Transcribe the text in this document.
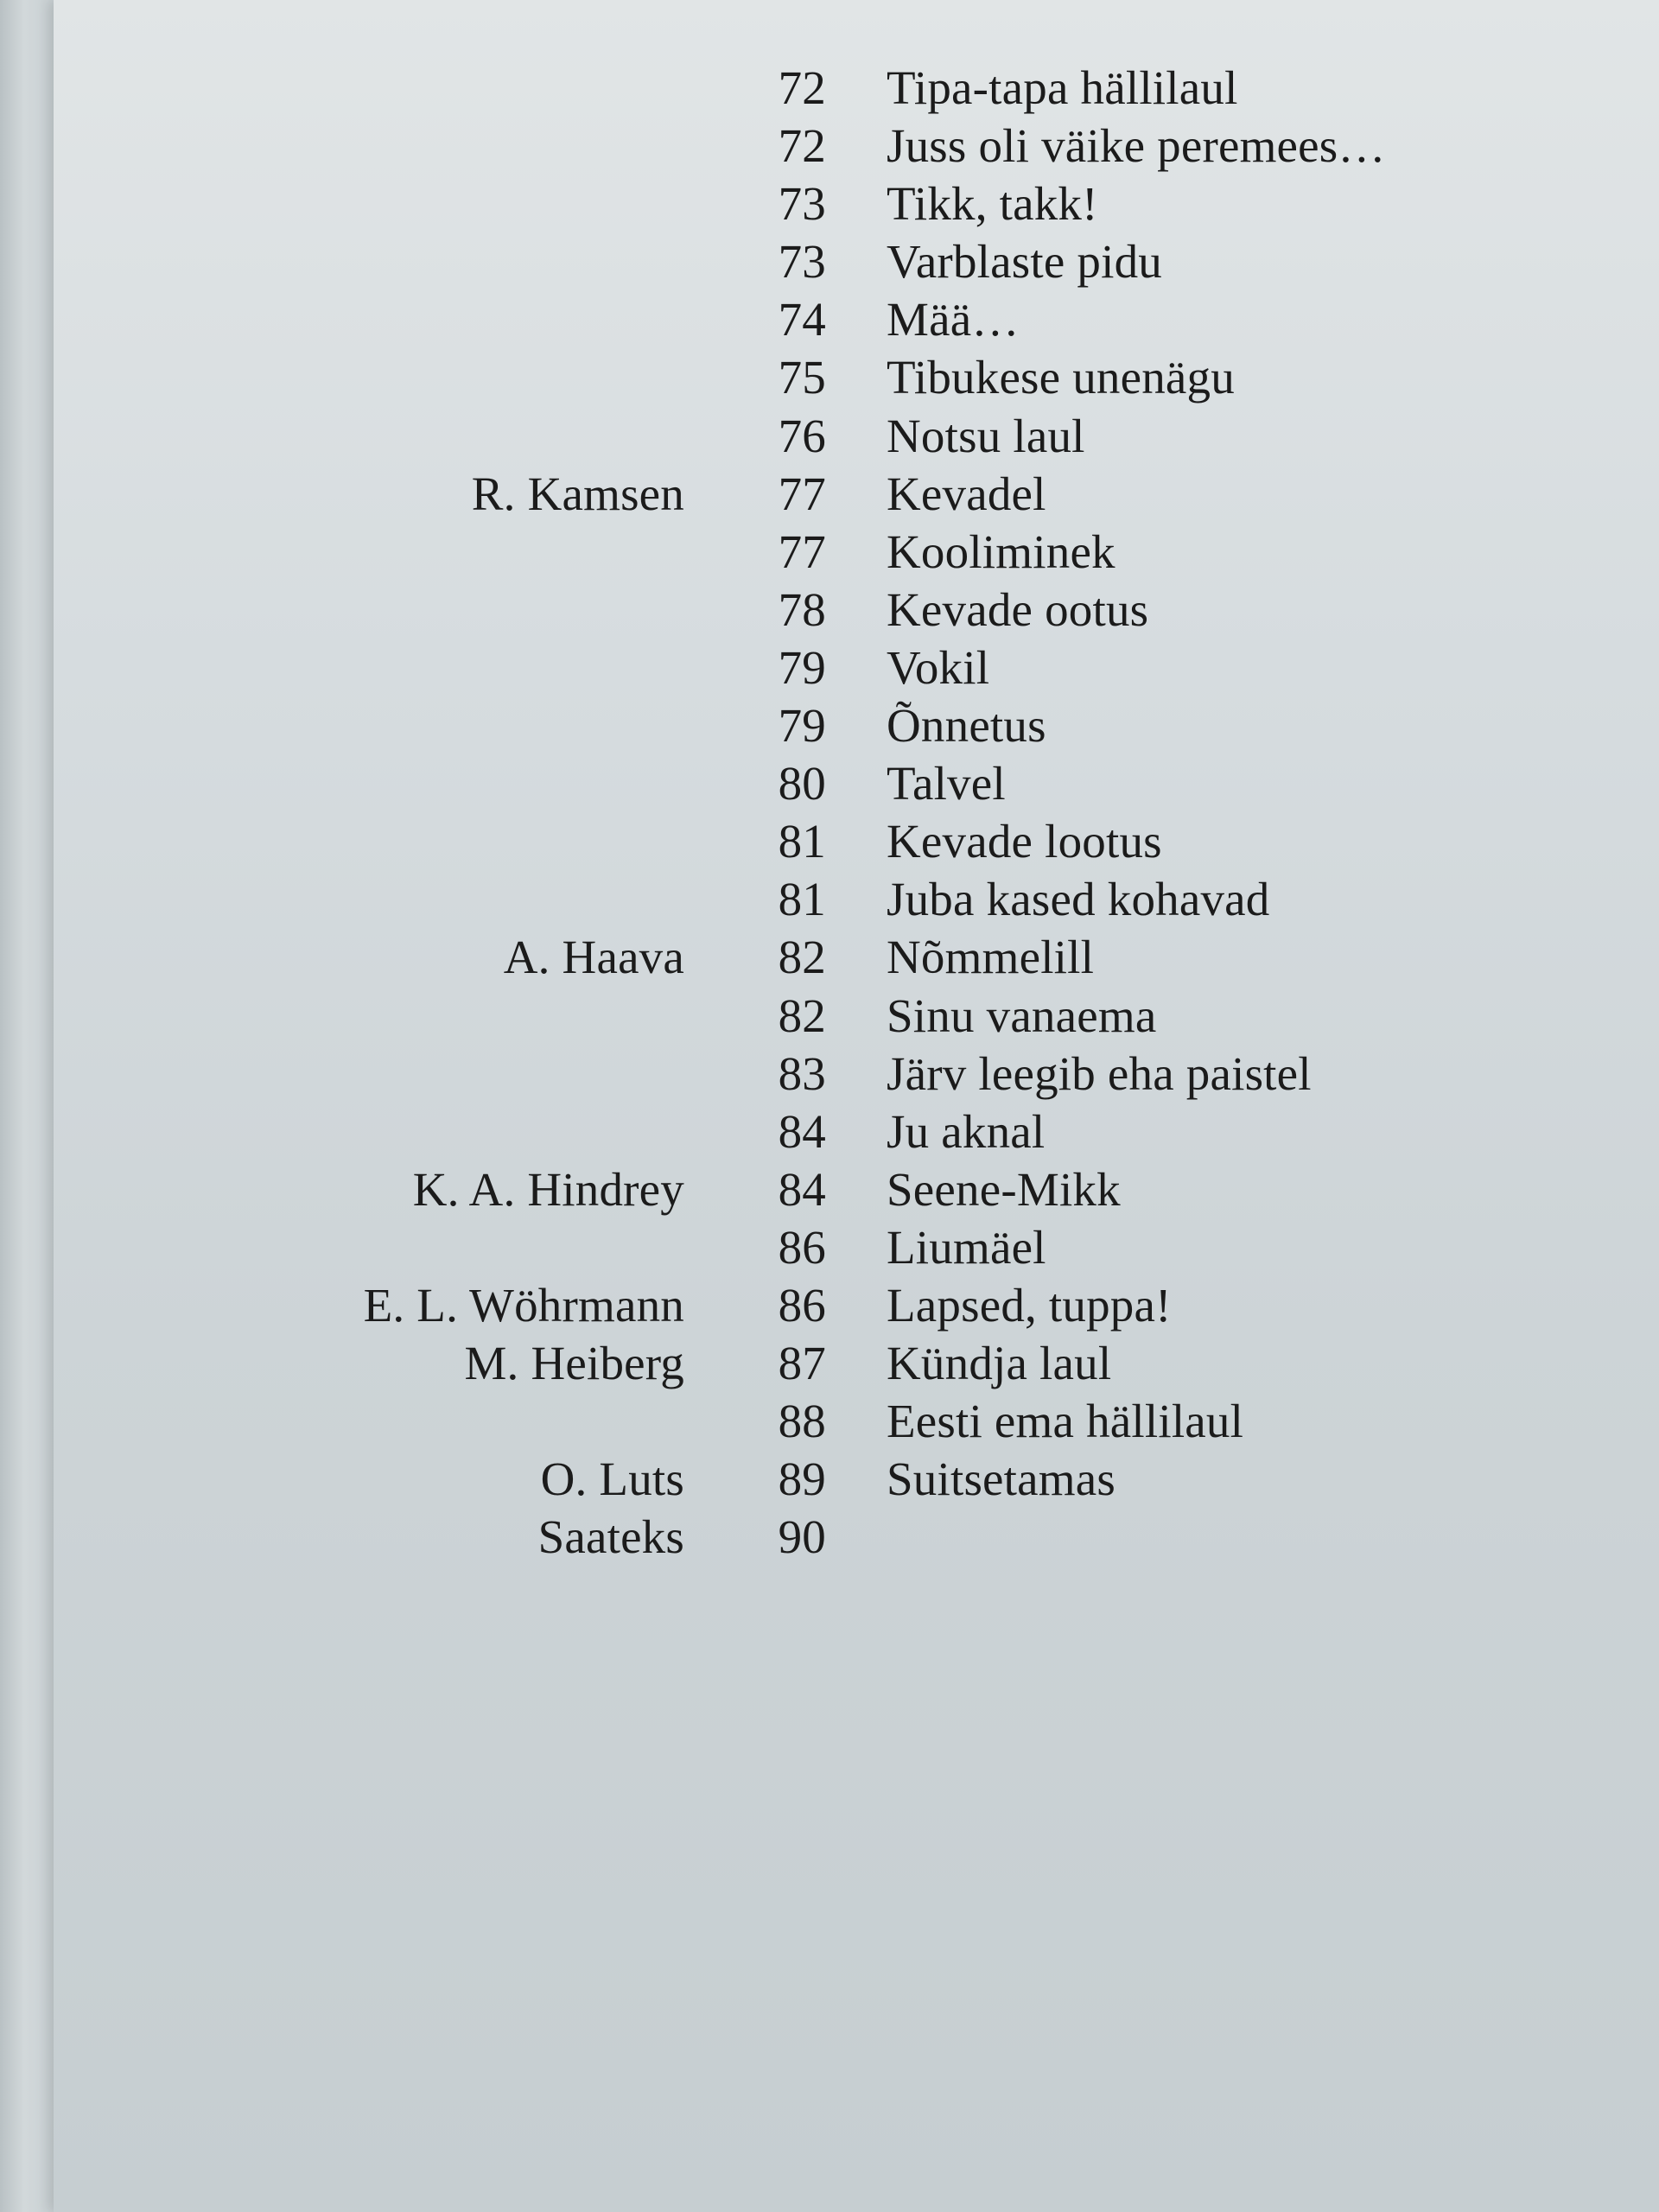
72 Tipa-tapa hällilaul
72 Juss oli väike peremees…
73 Tikk, takk!
73 Varblaste pidu
74 Mää…
75 Tibukese unenägu
76 Notsu laul
R. Kamsen	77 Kevadel
77 Kooliminek
78 Kevade ootus
79 Vokil
79 Õnnetus
80 Talvel
81 Kevade lootus
81 Juba kased kohavad
A. Haava	82 Nõmmelill
82 Sinu vanaema
83 Järv leegib eha paistel
84 Ju aknal
K. A. Hindrey	84 Seene-Mikk
86 Liumäel
E. L. Wöhrmann	86 Lapsed, tuppa!
M. Heiberg	87 Kündja laul
88 Eesti ema hällilaul
O. Luts	89 Suitsetamas
Saateks	90
